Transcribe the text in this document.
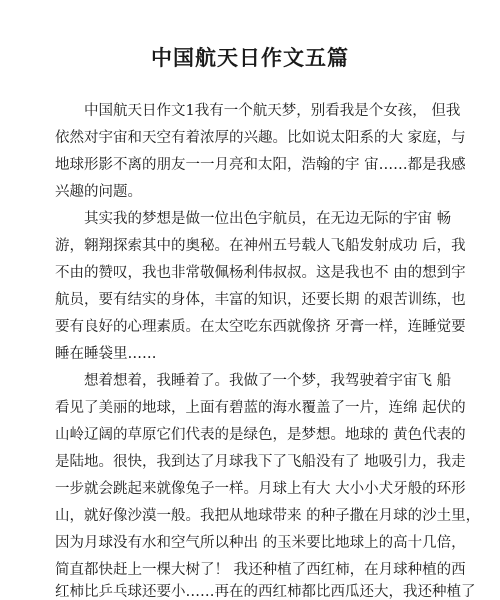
中国航天日作文五篇
中国航天日作文1我有一个航天梦，别看我是个女孩， 但我
依然对宇宙和天空有着浓厚的兴趣。比如说太阳系的大 家庭，与
地球形影不离的朋友一一月亮和太阳，浩翰的宇 宙……都是我感
兴趣的问题。
其实我的梦想是做一位出色宇航员，在无边无际的宇宙 畅
游，翱翔探索其中的奥秘。在神州五号载人飞船发射成功 后，我
不由的赞叹，我也非常敬佩杨利伟叔叔。这是我也不 由的想到宇
航员，要有结实的身体，丰富的知识，还要长期 的艰苦训练，也
要有良好的心理素质。在太空吃东西就像挤 牙膏一样，连睡觉要
睡在睡袋里……
想着想着，我睡着了。我做了一个梦，我驾驶着宇宙飞 船
看见了美丽的地球，上面有碧蓝的海水覆盖了一片，连绵 起伏的
山岭辽阔的草原它们代表的是绿色，是梦想。地球的 黄色代表的
是陆地。很快，我到达了月球我下了飞船没有了 地吸引力，我走
一步就会跳起来就像兔子一样。月球上有大 大小小犬牙般的环形
山，就好像沙漠一般。我把从地球带来 的种子撒在月球的沙土里，
因为月球没有水和空气所以种出 的玉米要比地球上的高十几倍，
简直都快赶上一棵大树了！ 我还种植了西红柿，在月球种植的西
红柿比乒乓球还要小……再在的西红柿都比西瓜还大，我还种植了
